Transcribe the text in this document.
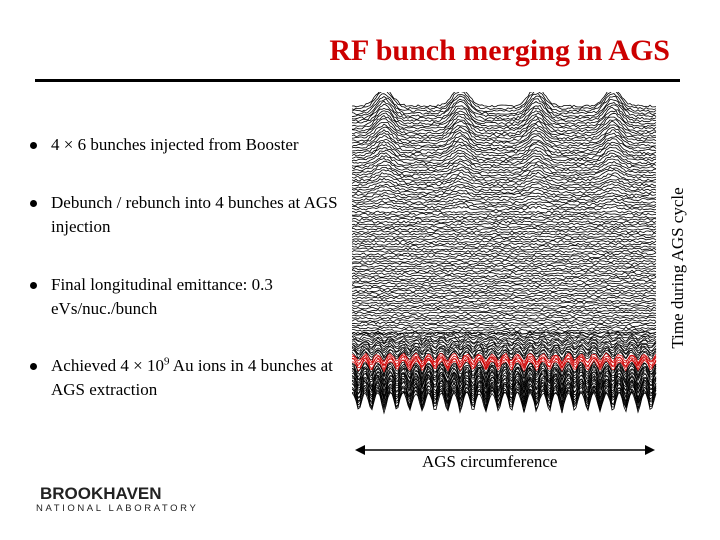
RF bunch merging in AGS
4 × 6 bunches injected from Booster
Debunch / rebunch into 4 bunches at AGS injection
Final longitudinal emittance: 0.3 eVs/nuc./bunch
Achieved $4 \times 10^9$ Au ions in 4 bunches at AGS extraction
Time during AGS cycle
AGS circumference
BROOKHAVEN
NATIONAL LABORATORY
